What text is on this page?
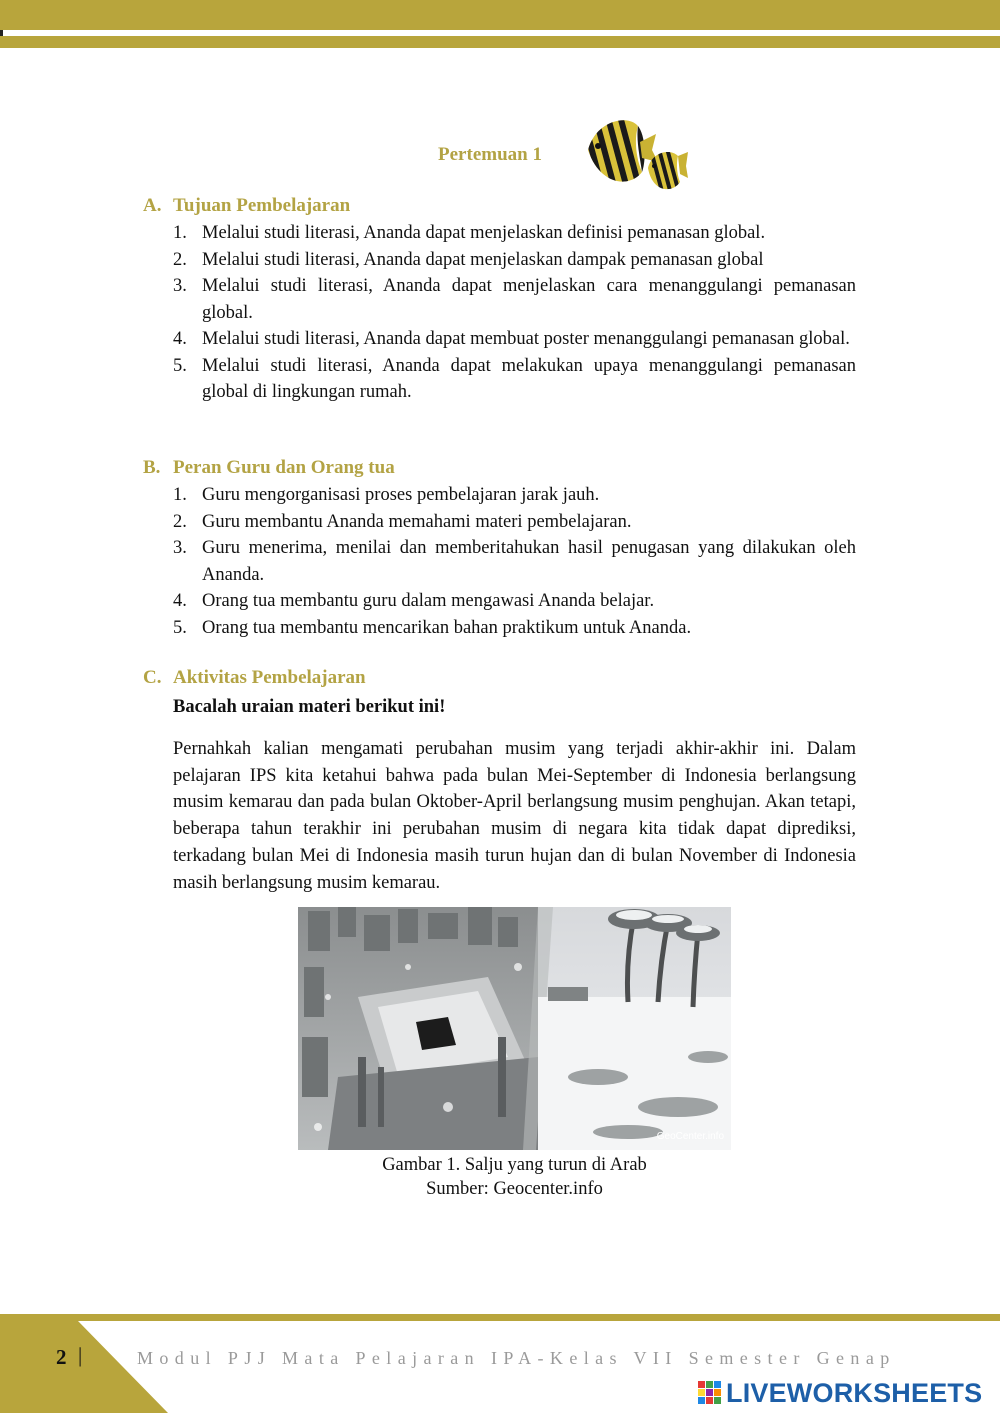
Pertemuan 1
A. Tujuan Pembelajaran
1. Melalui studi literasi, Ananda dapat menjelaskan definisi pemanasan global.
2. Melalui studi literasi, Ananda dapat menjelaskan dampak pemanasan global
3. Melalui studi literasi, Ananda dapat menjelaskan cara menanggulangi pemanasan global.
4. Melalui studi literasi, Ananda dapat membuat poster menanggulangi pemanasan global.
5. Melalui studi literasi, Ananda dapat melakukan upaya menanggulangi pemanasan global di lingkungan rumah.
B. Peran Guru dan Orang tua
1. Guru mengorganisasi proses pembelajaran jarak jauh.
2. Guru membantu Ananda memahami materi pembelajaran.
3. Guru menerima, menilai dan memberitahukan hasil penugasan yang dilakukan oleh Ananda.
4. Orang tua membantu guru dalam mengawasi Ananda belajar.
5. Orang tua membantu mencarikan bahan praktikum untuk Ananda.
C. Aktivitas Pembelajaran
Bacalah uraian materi berikut ini!

Pernahkah kalian mengamati perubahan musim yang terjadi akhir-akhir ini. Dalam pelajaran IPS kita ketahui bahwa pada bulan Mei-September di Indonesia berlangsung musim kemarau dan pada bulan Oktober-April berlangsung musim penghujan. Akan tetapi, beberapa tahun terakhir ini perubahan musim di negara kita tidak dapat diprediksi, terkadang bulan Mei di Indonesia masih turun hujan dan di bulan November di Indonesia masih berlangsung musim kemarau.

GeoCenter.info
Gambar 1. Salju yang turun di Arab
Sumber: Geocenter.info
2 |	Modul PJJ Mata Pelajaran IPA-Kelas VII Semester Genap
LIVEWORKSHEETS
